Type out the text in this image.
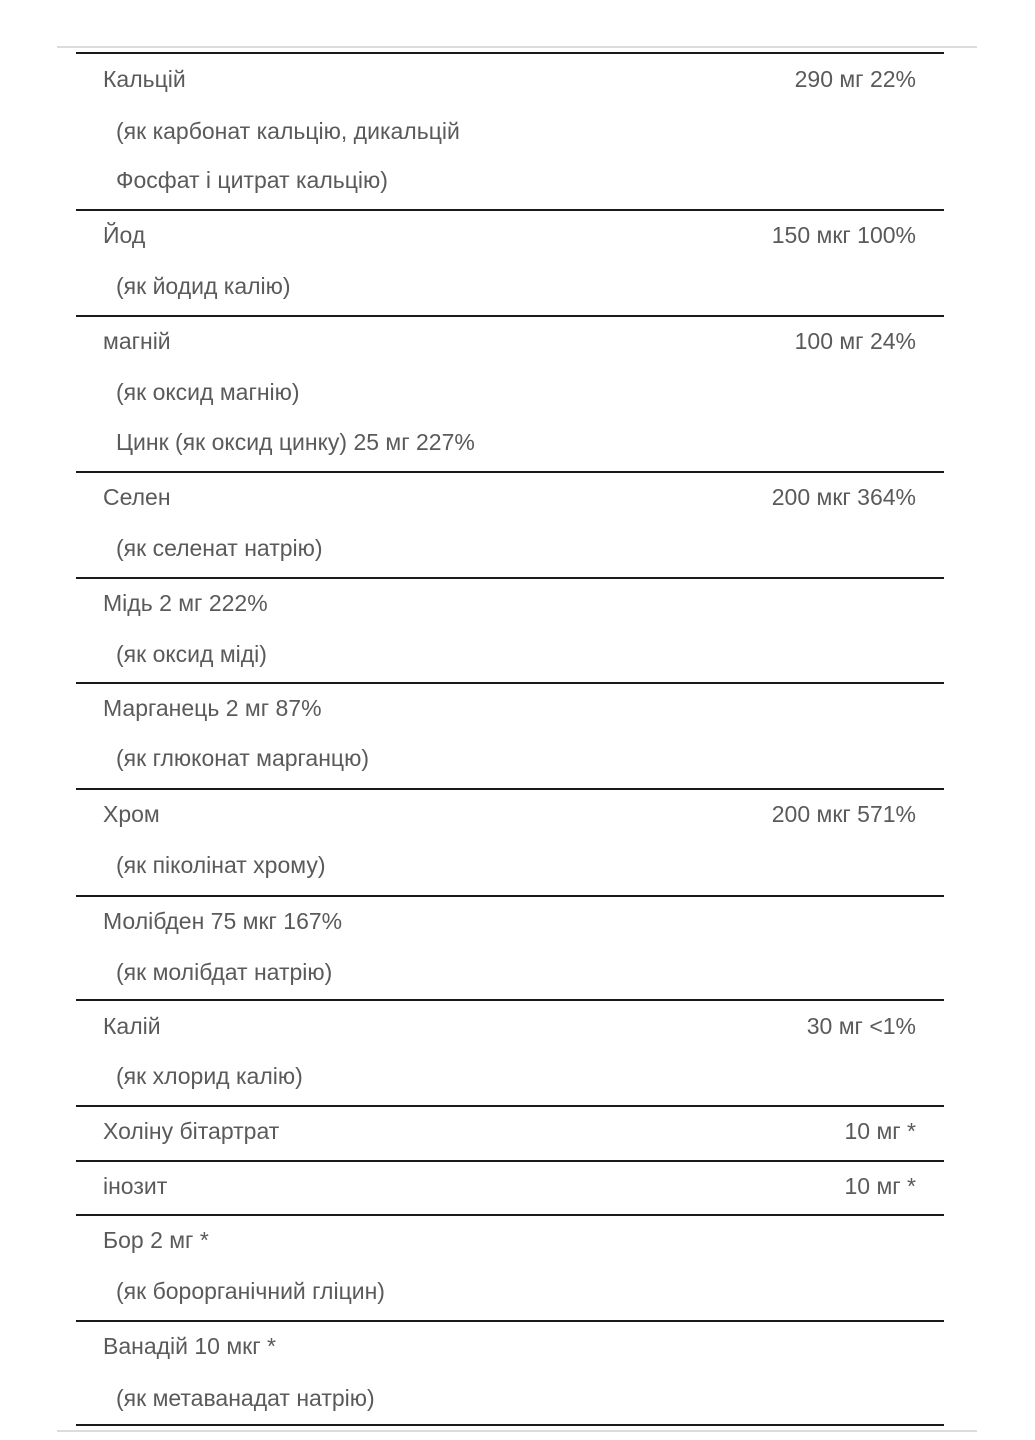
Кальцій	290 мг 22%
(як карбонат кальцію, дикальцій
Фосфат і цитрат кальцію)
Йод	150 мкг 100%
(як йодид калію)
магній	100 мг 24%
(як оксид магнію)
Цинк (як оксид цинку) 25 мг 227%
Селен	200 мкг 364%
(як селенат натрію)
Мідь 2 мг 222%
(як оксид міді)
Марганець 2 мг 87%
(як глюконат марганцю)
Хром	200 мкг 571%
(як піколінат хрому)
Молібден 75 мкг 167%
(як молібдат натрію)
Калій	30 мг <1%
(як хлорид калію)
Холіну бітартрат	10 мг *
інозит	10 мг *
Бор 2 мг *
(як борорганічний гліцин)
Ванадій 10 мкг *
(як метаванадат натрію)
